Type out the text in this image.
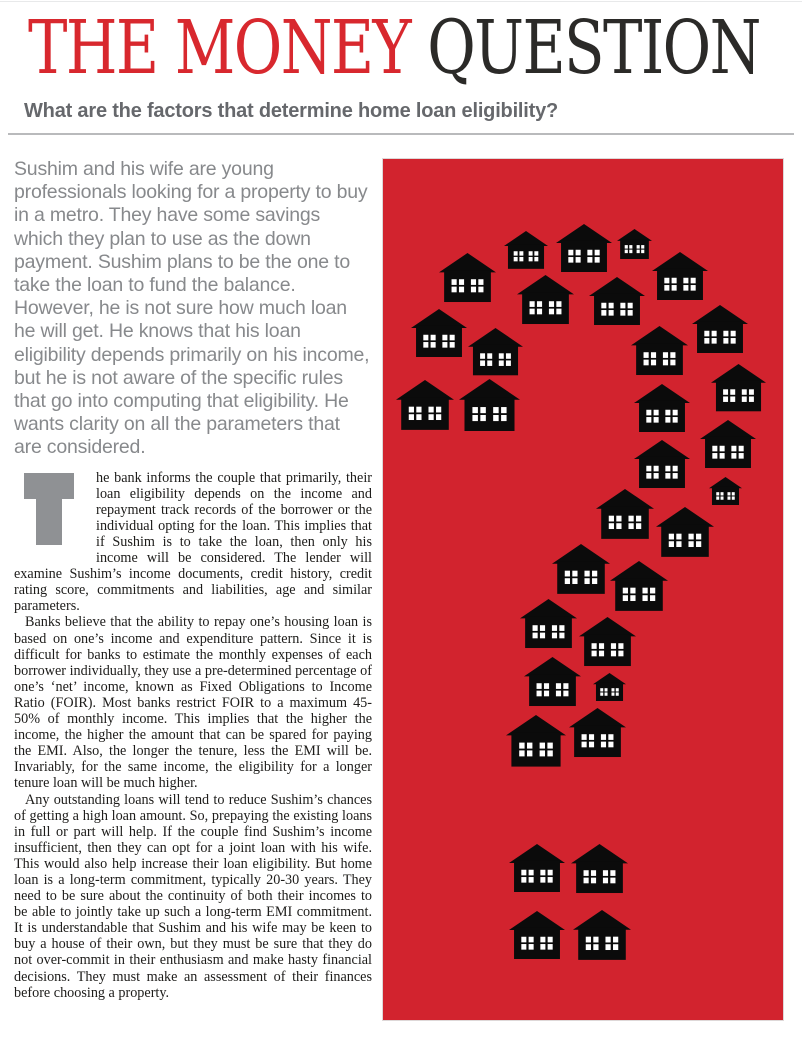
THE MONEY QUESTION
What are the factors that determine home loan eligibility?

Sushim and his wife are young professionals looking for a property to buy in a metro. They have some savings which they plan to use as the down payment. Sushim plans to be the one to take the loan to fund the balance. However, he is not sure how much loan he will get. He knows that his loan eligibility depends primarily on his income, but he is not aware of the specific rules that go into computing that eligibility. He wants clarity on all the parameters that are considered.

he bank informs the couple that primarily, their loan eligibility depends on the income and repayment track records of the borrower or the individual opting for the loan. This implies that if Sushim is to take the loan, then only his income will be considered. The lender will examine Sushim’s income documents, credit history, credit rating score, commitments and liabilities, age and similar parameters.

Banks believe that the ability to repay one’s housing loan is based on one’s income and expenditure pattern. Since it is difficult for banks to estimate the monthly expenses of each borrower individually, they use a pre-determined percentage of one’s ‘net’ income, known as Fixed Obligations to Income Ratio (FOIR). Most banks restrict FOIR to a maximum 45-50% of monthly income. This implies that the higher the income, the higher the amount that can be spared for paying the EMI. Also, the longer the tenure, less the EMI will be. Invariably, for the same income, the eligibility for a longer tenure loan will be much higher.

Any outstanding loans will tend to reduce Sushim’s chances of getting a high loan amount. So, prepaying the existing loans in full or part will help. If the couple find Sushim’s income insufficient, then they can opt for a joint loan with his wife. This would also help increase their loan eligibility. But home loan is a long-term commitment, typically 20-30 years. They need to be sure about the continuity of both their incomes to be able to jointly take up such a long-term EMI commitment. It is understandable that Sushim and his wife may be keen to buy a house of their own, but they must be sure that they do not over-commit in their enthusiasm and make hasty financial decisions. They must make an assessment of their finances before choosing a property.
